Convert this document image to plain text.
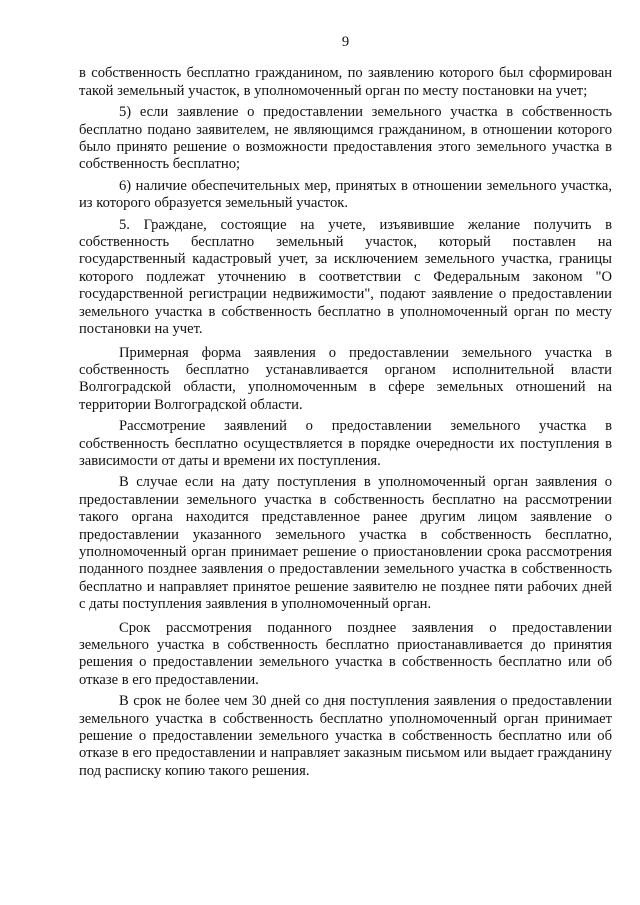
9

в собственность бесплатно гражданином, по заявлению которого был сформирован такой земельный участок, в уполномоченный орган по месту постановки на учет;

5) если заявление о предоставлении земельного участка в собственность бесплатно подано заявителем, не являющимся гражданином, в отношении которого было принято решение о возможности предоставления этого земельного участка в собственность бесплатно;

6) наличие обеспечительных мер, принятых в отношении земельного участка, из которого образуется земельный участок.

5. Граждане, состоящие на учете, изъявившие желание получить в собственность бесплатно земельный участок, который поставлен на государственный кадастровый учет, за исключением земельного участка, границы которого подлежат уточнению в соответствии с Федеральным законом "О государственной регистрации недвижимости", подают заявление о предоставлении земельного участка в собственность бесплатно в уполномоченный орган по месту постановки на учет.

Примерная форма заявления о предоставлении земельного участка в собственность бесплатно устанавливается органом исполнительной власти Волгоградской области, уполномоченным в сфере земельных отношений на территории Волгоградской области.

Рассмотрение заявлений о предоставлении земельного участка в собственность бесплатно осуществляется в порядке очередности их поступления в зависимости от даты и времени их поступления.

В случае если на дату поступления в уполномоченный орган заявления о предоставлении земельного участка в собственность бесплатно на рассмотрении такого органа находится представленное ранее другим лицом заявление о предоставлении указанного земельного участка в собственность бесплатно, уполномоченный орган принимает решение о приостановлении срока рассмотрения поданного позднее заявления о предоставлении земельного участка в собственность бесплатно и направляет принятое решение заявителю не позднее пяти рабочих дней с даты поступления заявления в уполномоченный орган.

Срок рассмотрения поданного позднее заявления о предоставлении земельного участка в собственность бесплатно приостанавливается до принятия решения о предоставлении земельного участка в собственность бесплатно или об отказе в его предоставлении.

В срок не более чем 30 дней со дня поступления заявления о предоставлении земельного участка в собственность бесплатно уполномоченный орган принимает решение о предоставлении земельного участка в собственность бесплатно или об отказе в его предоставлении и направляет заказным письмом или выдает гражданину под расписку копию такого решения.
